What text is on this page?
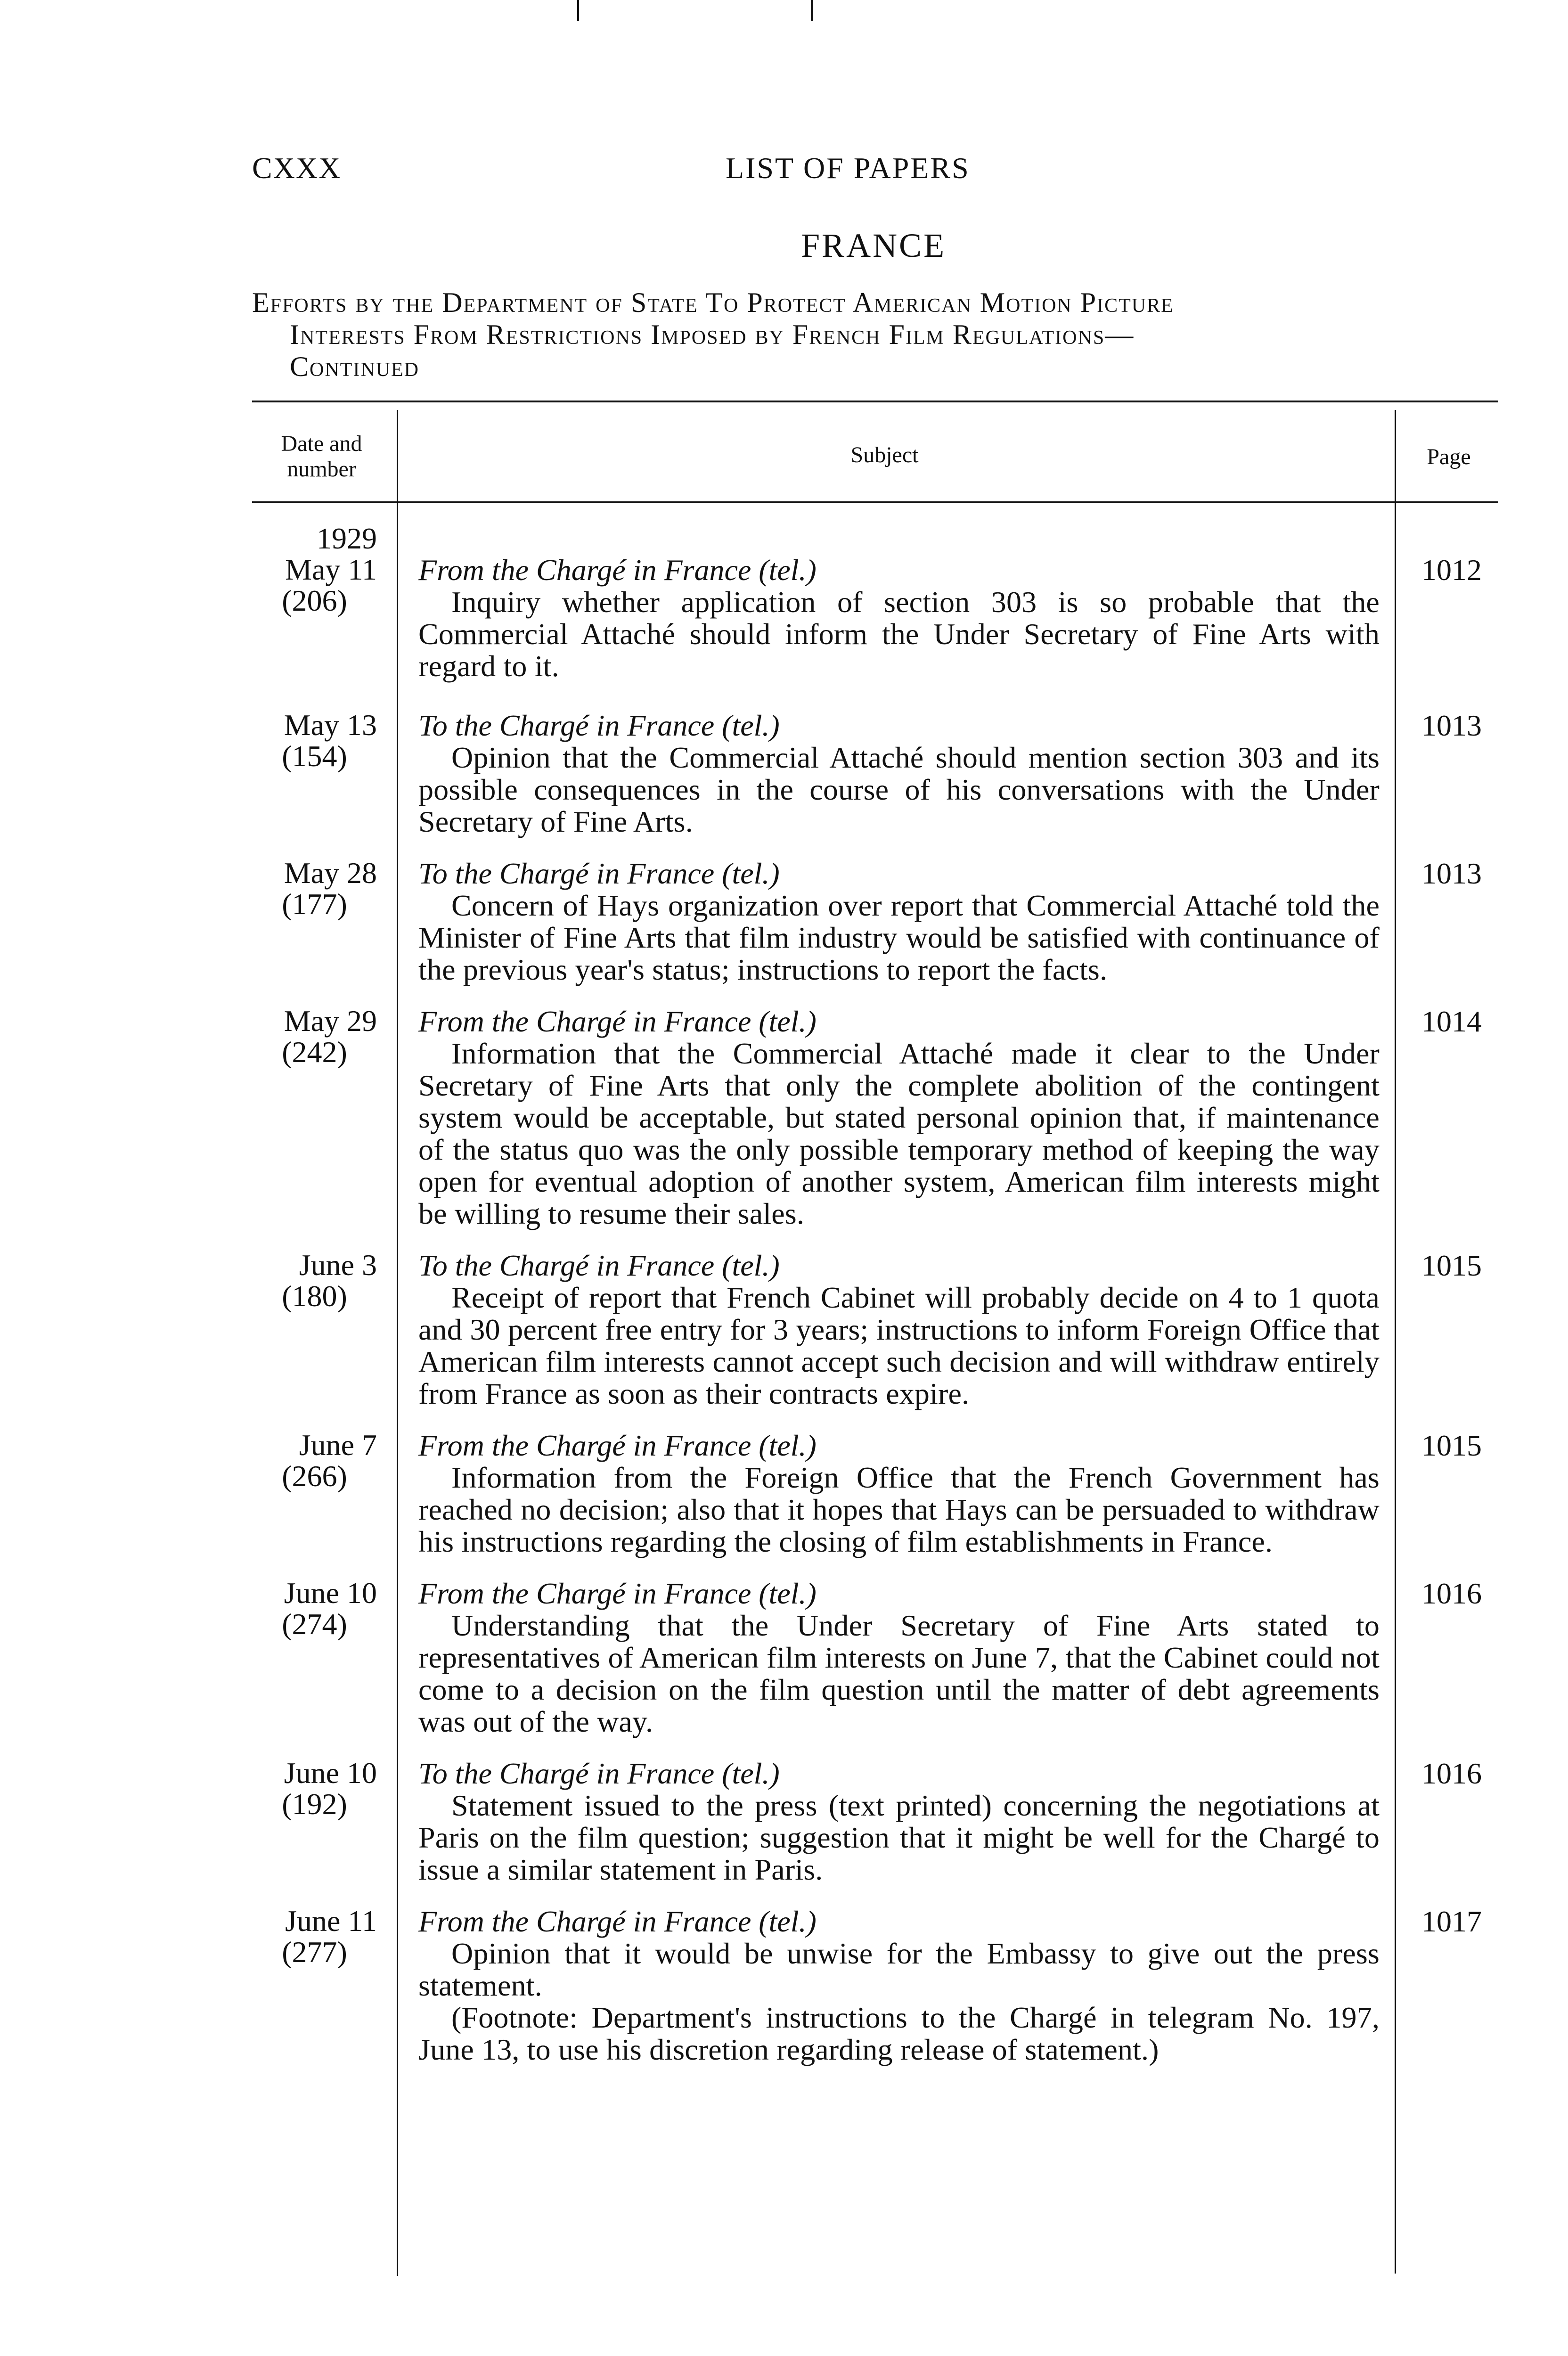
CXXX	LIST OF PAPERS
FRANCE
Efforts by the Department of State To Protect American Motion Picture
Interests From Restrictions Imposed by French Film Regulations—
Continued
Date and number
Subject	Page
1929
May 11
(206)
From the Chargé in France (tel.)
Inquiry whether application of section 303 is so probable that the Commercial Attaché should inform the Under Secretary of Fine Arts with regard to it.
1012
May 13
(154)
To the Chargé in France (tel.)
Opinion that the Commercial Attaché should mention section 303 and its possible consequences in the course of his conversations with the Under Secretary of Fine Arts.
1013
May 28
(177)
To the Chargé in France (tel.)
Concern of Hays organization over report that Commercial Attaché told the Minister of Fine Arts that film industry would be satisfied with continuance of the previous year's status; instructions to report the facts.
1013
May 29
(242)
From the Chargé in France (tel.)
Information that the Commercial Attaché made it clear to the Under Secretary of Fine Arts that only the complete abolition of the contingent system would be acceptable, but stated personal opinion that, if maintenance of the status quo was the only possible temporary method of keeping the way open for eventual adoption of another system, American film interests might be willing to resume their sales.
1014
June 3
(180)
To the Chargé in France (tel.)
Receipt of report that French Cabinet will probably decide on 4 to 1 quota and 30 percent free entry for 3 years; instructions to inform Foreign Office that American film interests cannot accept such decision and will withdraw entirely from France as soon as their contracts expire.
1015
June 7
(266)
From the Chargé in France (tel.)
Information from the Foreign Office that the French Government has reached no decision; also that it hopes that Hays can be persuaded to withdraw his instructions regarding the closing of film establishments in France.
1015
June 10
(274)
From the Chargé in France (tel.)
Understanding that the Under Secretary of Fine Arts stated to representatives of American film interests on June 7, that the Cabinet could not come to a decision on the film question until the matter of debt agreements was out of the way.
1016
June 10
(192)
To the Chargé in France (tel.)
Statement issued to the press (text printed) concerning the negotiations at Paris on the film question; suggestion that it might be well for the Chargé to issue a similar statement in Paris.
1016
June 11
(277)
From the Chargé in France (tel.)
Opinion that it would be unwise for the Embassy to give out the press statement.
(Footnote: Department's instructions to the Chargé in telegram No. 197, June 13, to use his discretion regarding release of statement.)
1017
